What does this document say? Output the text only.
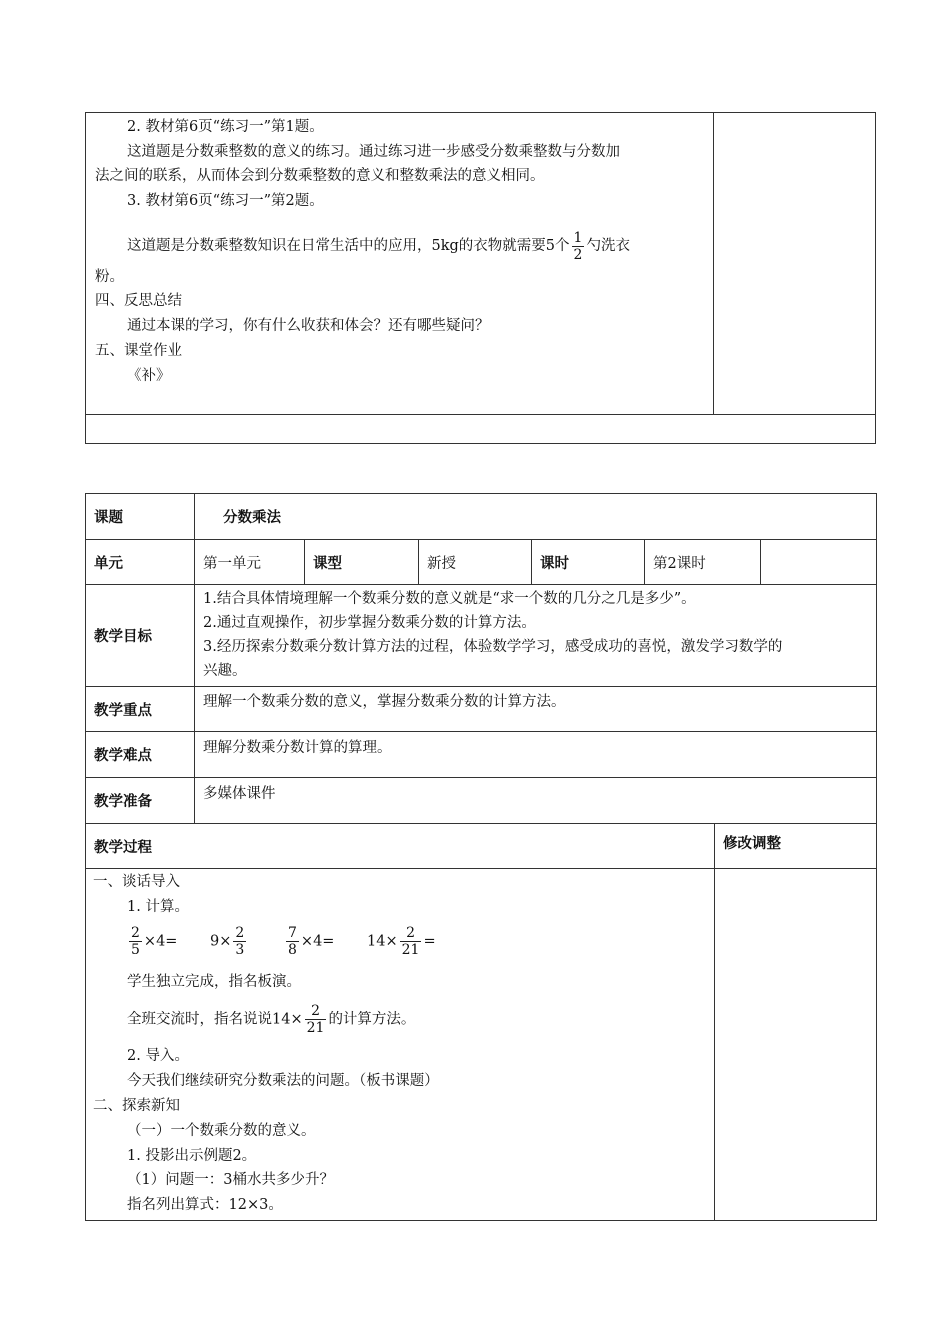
2. 教材第6页“练习一”第1题。
这道题是分数乘整数的意义的练习。通过练习进一步感受分数乘整数与分数加
法之间的联系，从而体会到分数乘整数的意义和整数乘法的意义相同。
3. 教材第6页“练习一”第2题。
这道题是分数乘整数知识在日常生活中的应用，5kg的衣物就需要5个 $\frac{1}{2}$ 勺洗衣
粉。
四、反思总结
通过本课的学习，你有什么收获和体会？还有哪些疑问？
五、课堂作业
《补》
课题	分数乘法						
单元	第一单元	课型	新授	课时	第2课时		
教学目标	1.结合具体情境理解一个数乘分数的意义就是“求一个数的几分之几是多少”。
2.通过直观操作，初步掌握分数乘分数的计算方法。
3.经历探索分数乘分数计算方法的过程，体验数学学习，感受成功的喜悦，激发学习数学的
兴趣。						

教学重点	理解一个数乘分数的意义，掌握分数乘分数的计算方法。						
教学难点	理解分数乘分数计算的算理。						
教学准备	多媒体课件						
教学过程						修改调整	

一、谈话导入
1. 计算。
$\frac{2}{5} \times 4= 9\times \frac{2}{3}$	$\frac{7}{8} \times 4= 14\times \frac{2}{21}$ =
学生独立完成，指名板演。
全班交流时，指名说说$14\times \frac{2}{21}$ 的计算方法。
2. 导入。
今天我们继续研究分数乘法的问题。（板书课题）
二、探索新知
（一）一个数乘分数的意义。
1. 投影出示例题2。
（1）问题一：3桶水共多少升？
指名列出算式：12×3。
